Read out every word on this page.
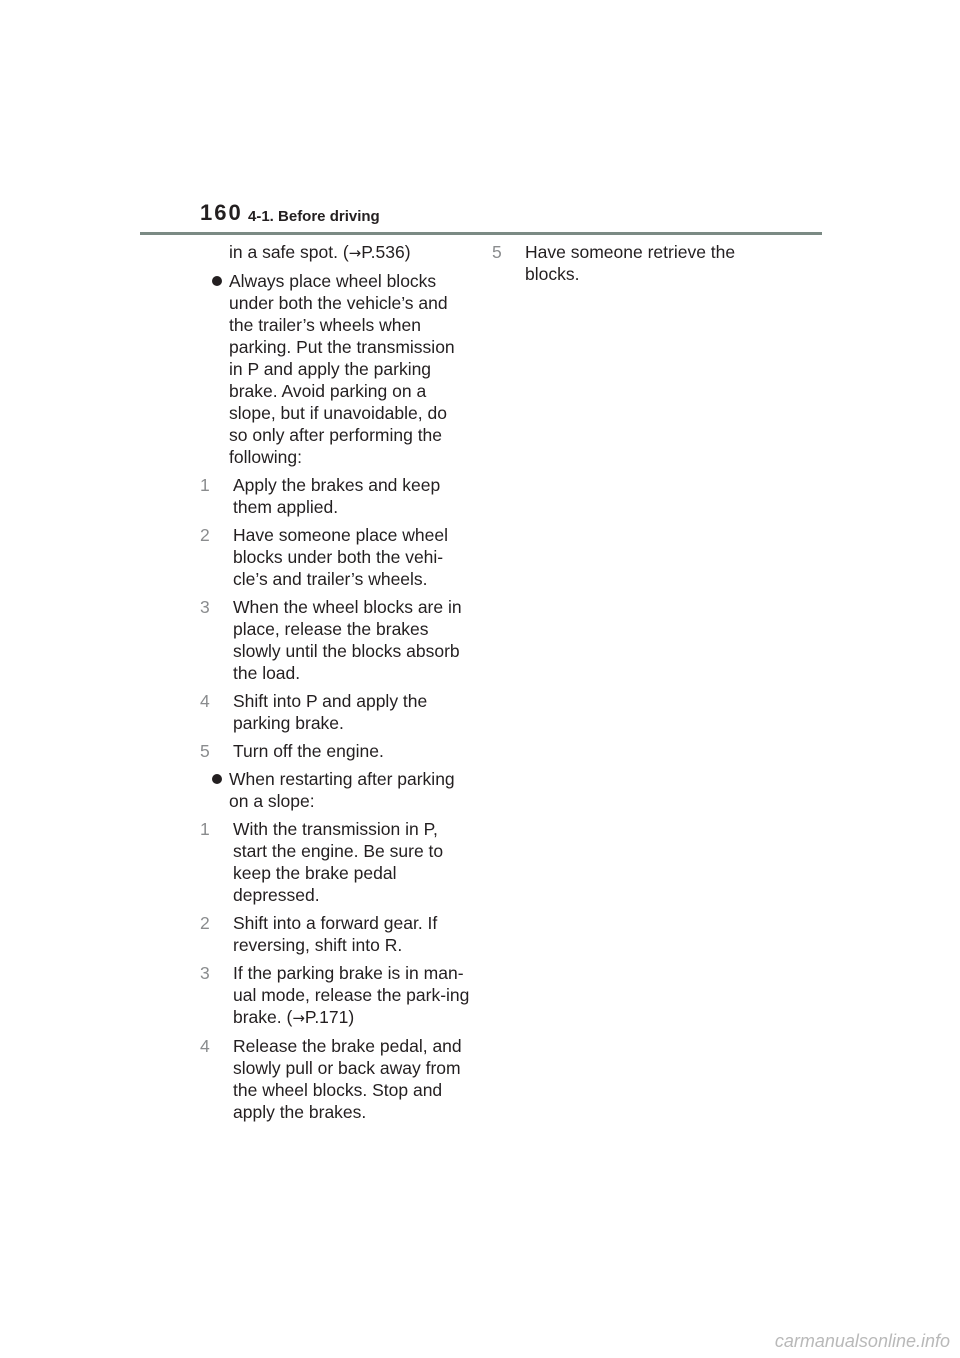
160 4-1. Before driving

in a safe spot. (→P.536)

Always place wheel blocks under both the vehicle’s and the trailer’s wheels when parking. Put the transmission in P and apply the parking brake. Avoid parking on a slope, but if unavoidable, do so only after performing the following:
1 Apply the brakes and keep them applied.
2 Have someone place wheel blocks under both the vehi-cle’s and trailer’s wheels.
3 When the wheel blocks are in place, release the brakes slowly until the blocks absorb the load.
4 Shift into P and apply the parking brake.
5 Turn off the engine.
When restarting after parking on a slope:
1 With the transmission in P, start the engine. Be sure to keep the brake pedal depressed.
2 Shift into a forward gear. If reversing, shift into R.
3 If the parking brake is in man-ual mode, release the park-ing brake. (→P.171)
4 Release the brake pedal, and slowly pull or back away from the wheel blocks. Stop and apply the brakes.
5 Have someone retrieve the blocks.
carmanualsonline.info
